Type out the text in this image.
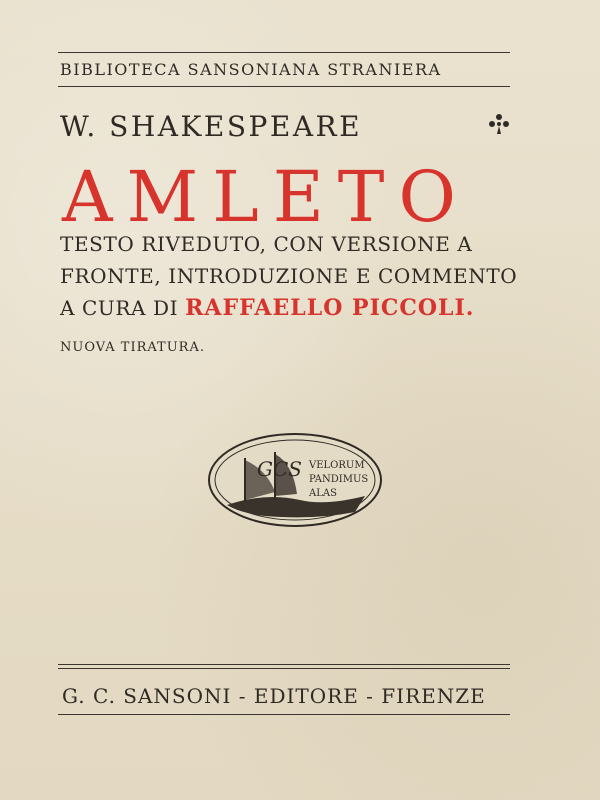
BIBLIOTECA SANSONIANA STRANIERA
W. SHAKESPEARE
AMLETO
TESTO RIVEDUTO, CON VERSIONE A
FRONTE, INTRODUZIONE E COMMENTO
A CURA DI RAFFAELLO PICCOLI.
NUOVA TIRATURA.
GCS VELORUM
PANDIMUS
ALAS
G. C. SANSONI - EDITORE - FIRENZE
